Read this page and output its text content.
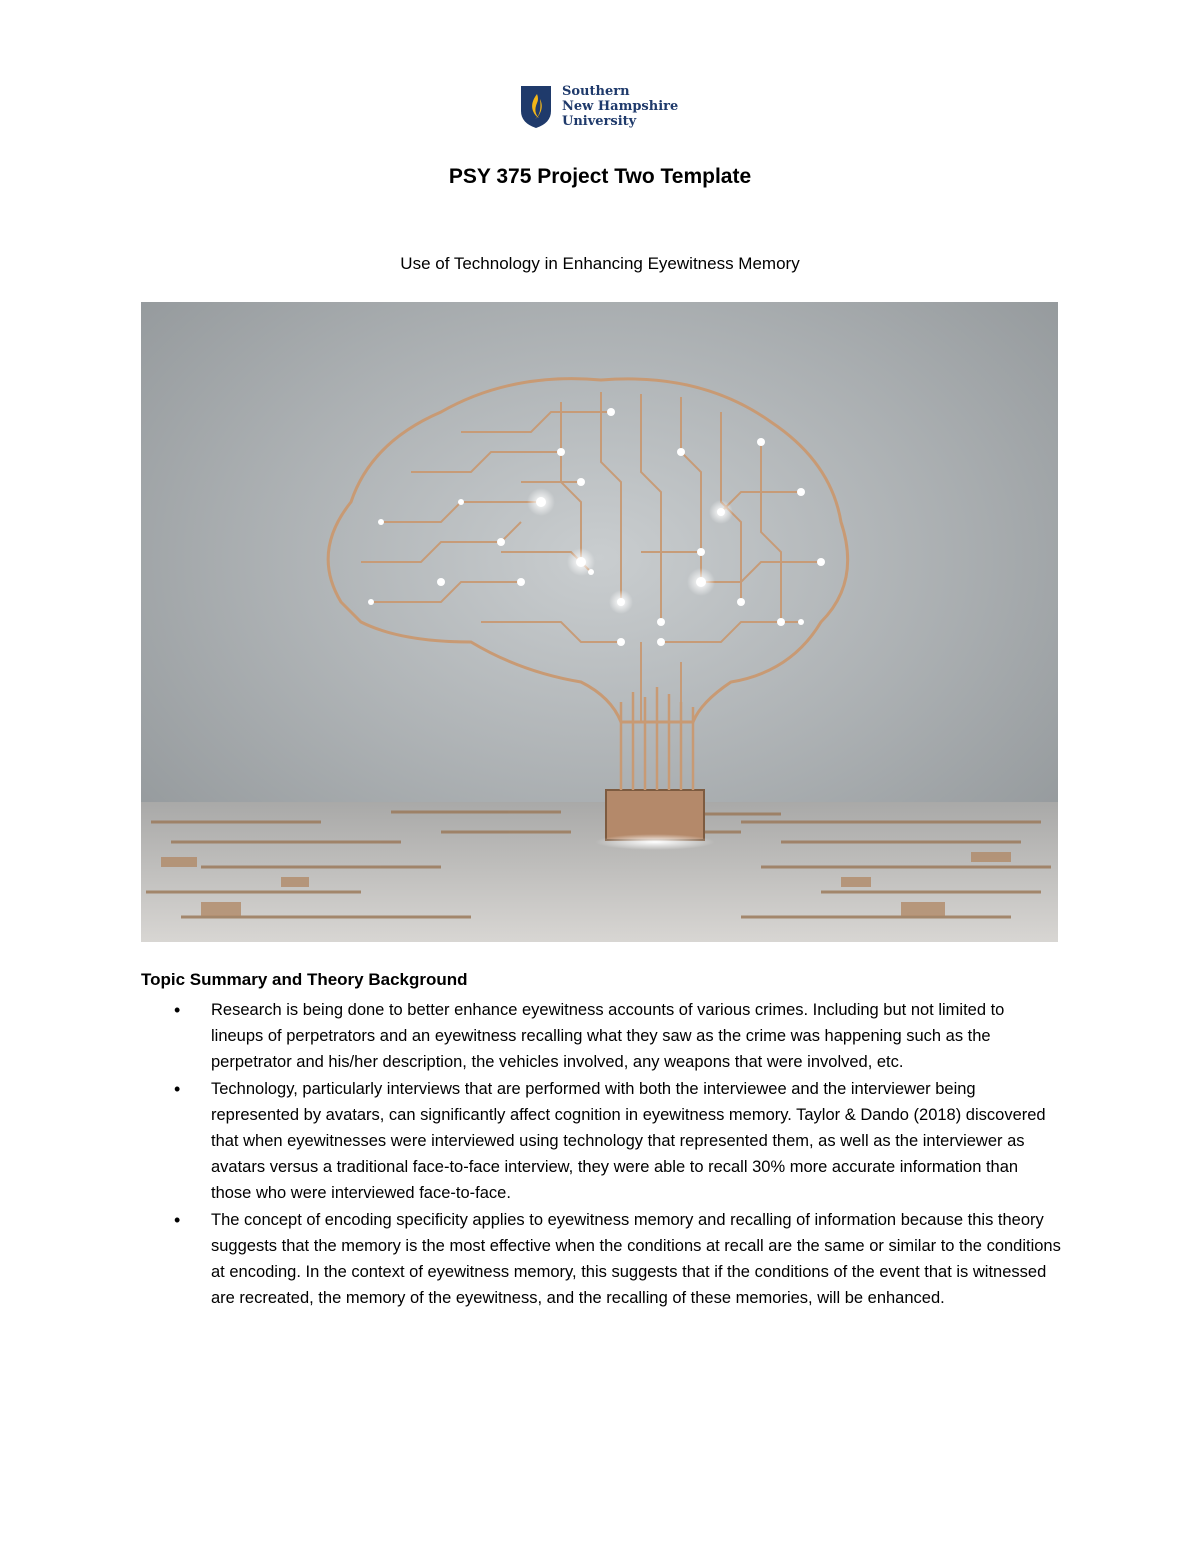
Southern
New Hampshire
University
PSY 375 Project Two Template
Use of Technology in Enhancing Eyewitness Memory
Topic Summary and Theory Background
• Research is being done to better enhance eyewitness accounts of various crimes. Including but not limited to lineups of perpetrators and an eyewitness recalling what they saw as the crime was happening such as the perpetrator and his/her description, the vehicles involved, any weapons that were involved, etc.
• Technology, particularly interviews that are performed with both the interviewee and the interviewer being represented by avatars, can significantly affect cognition in eyewitness memory. Taylor & Dando (2018) discovered that when eyewitnesses were interviewed using technology that represented them, as well as the interviewer as avatars versus a traditional face-to-face interview, they were able to recall 30% more accurate information than those who were interviewed face-to-face.
• The concept of encoding specificity applies to eyewitness memory and recalling of information because this theory suggests that the memory is the most effective when the conditions at recall are the same or similar to the conditions at encoding. In the context of eyewitness memory, this suggests that if the conditions of the event that is witnessed are recreated, the memory of the eyewitness, and the recalling of these memories, will be enhanced.
